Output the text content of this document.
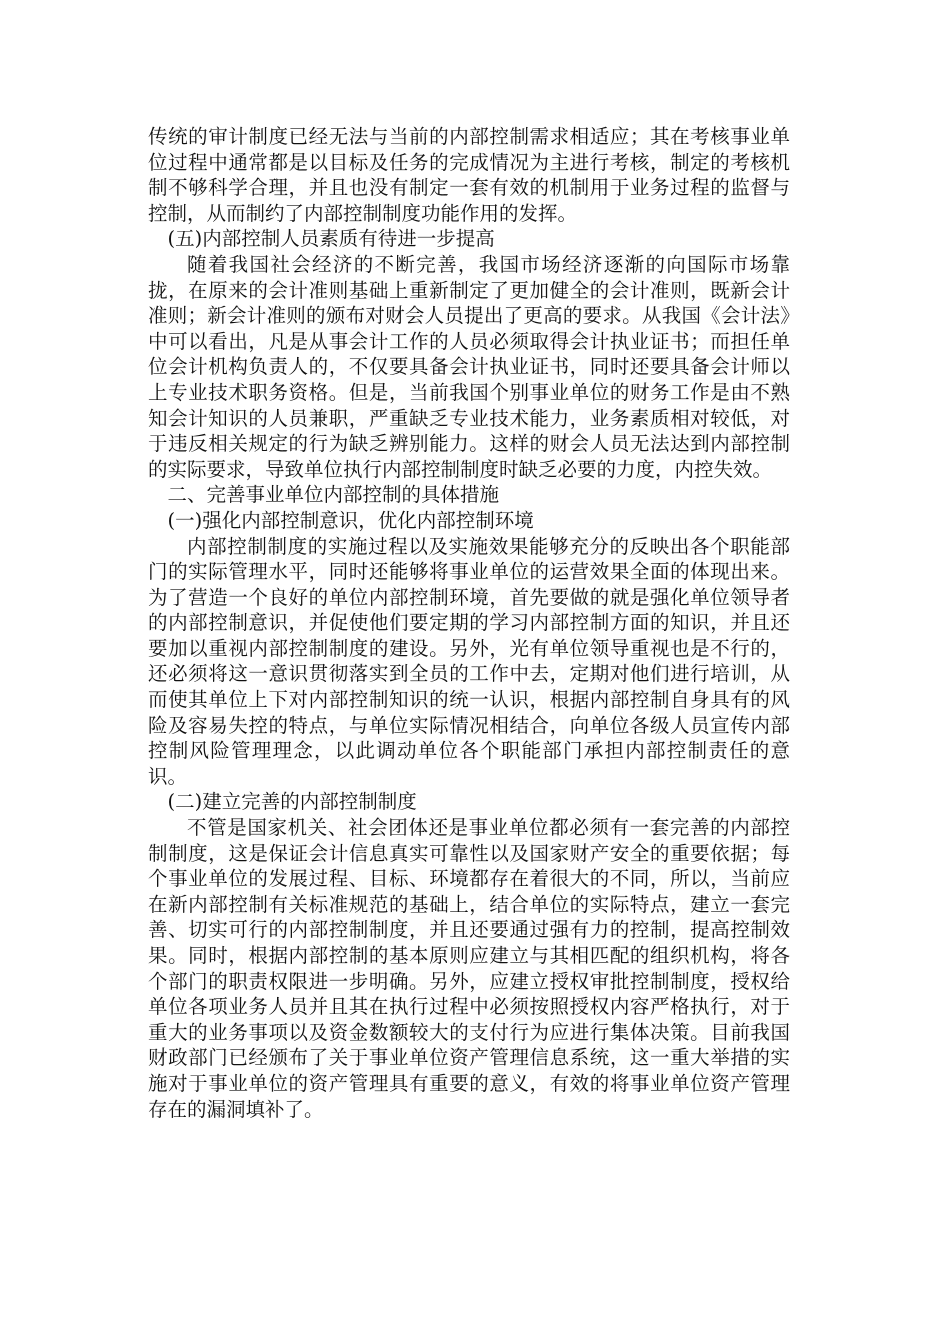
传统的审计制度已经无法与当前的内部控制需求相适应；其在考核事业单位过程中通常都是以目标及任务的完成情况为主进行考核，制定的考核机制不够科学合理，并且也没有制定一套有效的机制用于业务过程的监督与控制，从而制约了内部控制制度功能作用的发挥。

(五)内部控制人员素质有待进一步提高

随着我国社会经济的不断完善，我国市场经济逐渐的向国际市场靠拢，在原来的会计准则基础上重新制定了更加健全的会计准则，既新会计准则；新会计准则的颁布对财会人员提出了更高的要求。从我国《会计法》中可以看出，凡是从事会计工作的人员必须取得会计执业证书；而担任单位会计机构负责人的，不仅要具备会计执业证书，同时还要具备会计师以上专业技术职务资格。但是，当前我国个别事业单位的财务工作是由不熟知会计知识的人员兼职，严重缺乏专业技术能力，业务素质相对较低，对于违反相关规定的行为缺乏辨别能力。这样的财会人员无法达到内部控制的实际要求，导致单位执行内部控制制度时缺乏必要的力度，内控失效。

二、完善事业单位内部控制的具体措施

(一)强化内部控制意识，优化内部控制环境

内部控制制度的实施过程以及实施效果能够充分的反映出各个职能部门的实际管理水平，同时还能够将事业单位的运营效果全面的体现出来。为了营造一个良好的单位内部控制环境，首先要做的就是强化单位领导者的内部控制意识，并促使他们要定期的学习内部控制方面的知识，并且还要加以重视内部控制制度的建设。另外，光有单位领导重视也是不行的，还必须将这一意识贯彻落实到全员的工作中去，定期对他们进行培训，从而使其单位上下对内部控制知识的统一认识，根据内部控制自身具有的风险及容易失控的特点，与单位实际情况相结合，向单位各级人员宣传内部控制风险管理理念，以此调动单位各个职能部门承担内部控制责任的意识。

(二)建立完善的内部控制制度

不管是国家机关、社会团体还是事业单位都必须有一套完善的内部控制制度，这是保证会计信息真实可靠性以及国家财产安全的重要依据；每个事业单位的发展过程、目标、环境都存在着很大的不同，所以，当前应在新内部控制有关标准规范的基础上，结合单位的实际特点，建立一套完善、切实可行的内部控制制度，并且还要通过强有力的控制，提高控制效果。同时，根据内部控制的基本原则应建立与其相匹配的组织机构，将各个部门的职责权限进一步明确。另外，应建立授权审批控制制度，授权给单位各项业务人员并且其在执行过程中必须按照授权内容严格执行，对于重大的业务事项以及资金数额较大的支付行为应进行集体决策。目前我国财政部门已经颁布了关于事业单位资产管理信息系统，这一重大举措的实施对于事业单位的资产管理具有重要的意义，有效的将事业单位资产管理存在的漏洞填补了。
